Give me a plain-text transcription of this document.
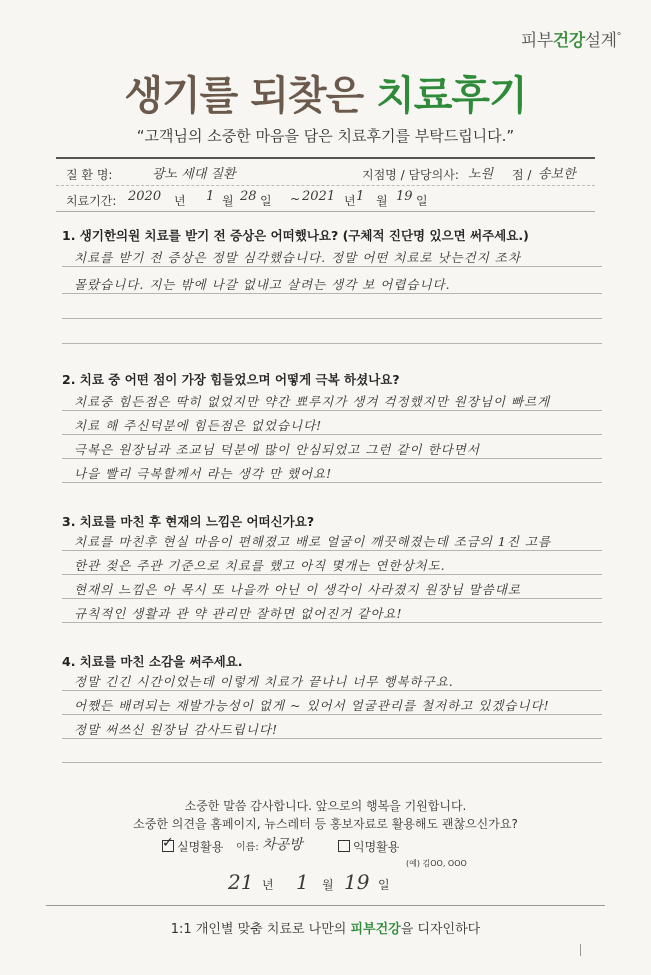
피부건강설계°
생기를 되찾은 치료후기
“고객님의 소중한 마음을 담은 치료후기를 부탁드립니다.”
질 환 명:	광노 세대 질환	지점명 / 담당의사: 노원 점 / 송보한
치료기간: 2020 년 1 월 28 일 ~ 2021 년 1 월 19 일
1. 생기한의원 치료를 받기 전 증상은 어떠했나요? (구체적 진단명 있으면 써주세요.)
치료를 받기 전 증상은 정말 심각했습니다. 정말 어떤 치료로 낫는건지 조차
몰랐습니다. 지는 밖에 나갈 없내고 살려는 생각 보 어렵습니다.
2. 치료 중 어떤 점이 가장 힘들었으며 어떻게 극복 하셨나요?
치료중 힘든점은 딱히 없었지만 약간 뾰루지가 생겨 걱정했지만 원장님이 빠르게
치료 해 주신덕분에 힘든점은 없었습니다!
극복은 원장님과 조교님 덕분에 많이 안심되었고 그런 같이 한다면서
나을 빨리 극복할께서 라는 생각 만 했어요!
3. 치료를 마친 후 현재의 느낌은 어떠신가요?
치료를 마친후 현실 마음이 편해졌고 배로 얼굴이 깨끗해졌는데 조금의 1진 고름
한관 젖은 주관 기준으로 치료를 했고 아직 몇개는 연한상처도.
현재의 느낌은 아 목시 또 나을까 아닌 이 생각이 사라졌지 원장님 말씀대로
규칙적인 생활과 관 약 관리만 잘하면 없어진거 같아요!
4. 치료를 마친 소감을 써주세요.
정말 긴긴 시간이었는데 이렇게 치료가 끝나니 너무 행복하구요.
어쨌든 배려되는 재발가능성이 없게 ~ 있어서 얼굴관리를 철저하고 있겠습니다!
정말 써쓰신 원장님 감사드립니다!
소중한 말씀 감사합니다. 앞으로의 행복을 기원합니다.
소중한 의견을 홈페이지, 뉴스레터 등 홍보자료로 활용해도 괜찮으신가요?
✓실명활용 이름: 차공방	익명활용
(예) 김OO, OOO
21 년 1 월 19 일
1:1 개인별 맞춤 치료로 나만의 피부건강을 디자인하다
